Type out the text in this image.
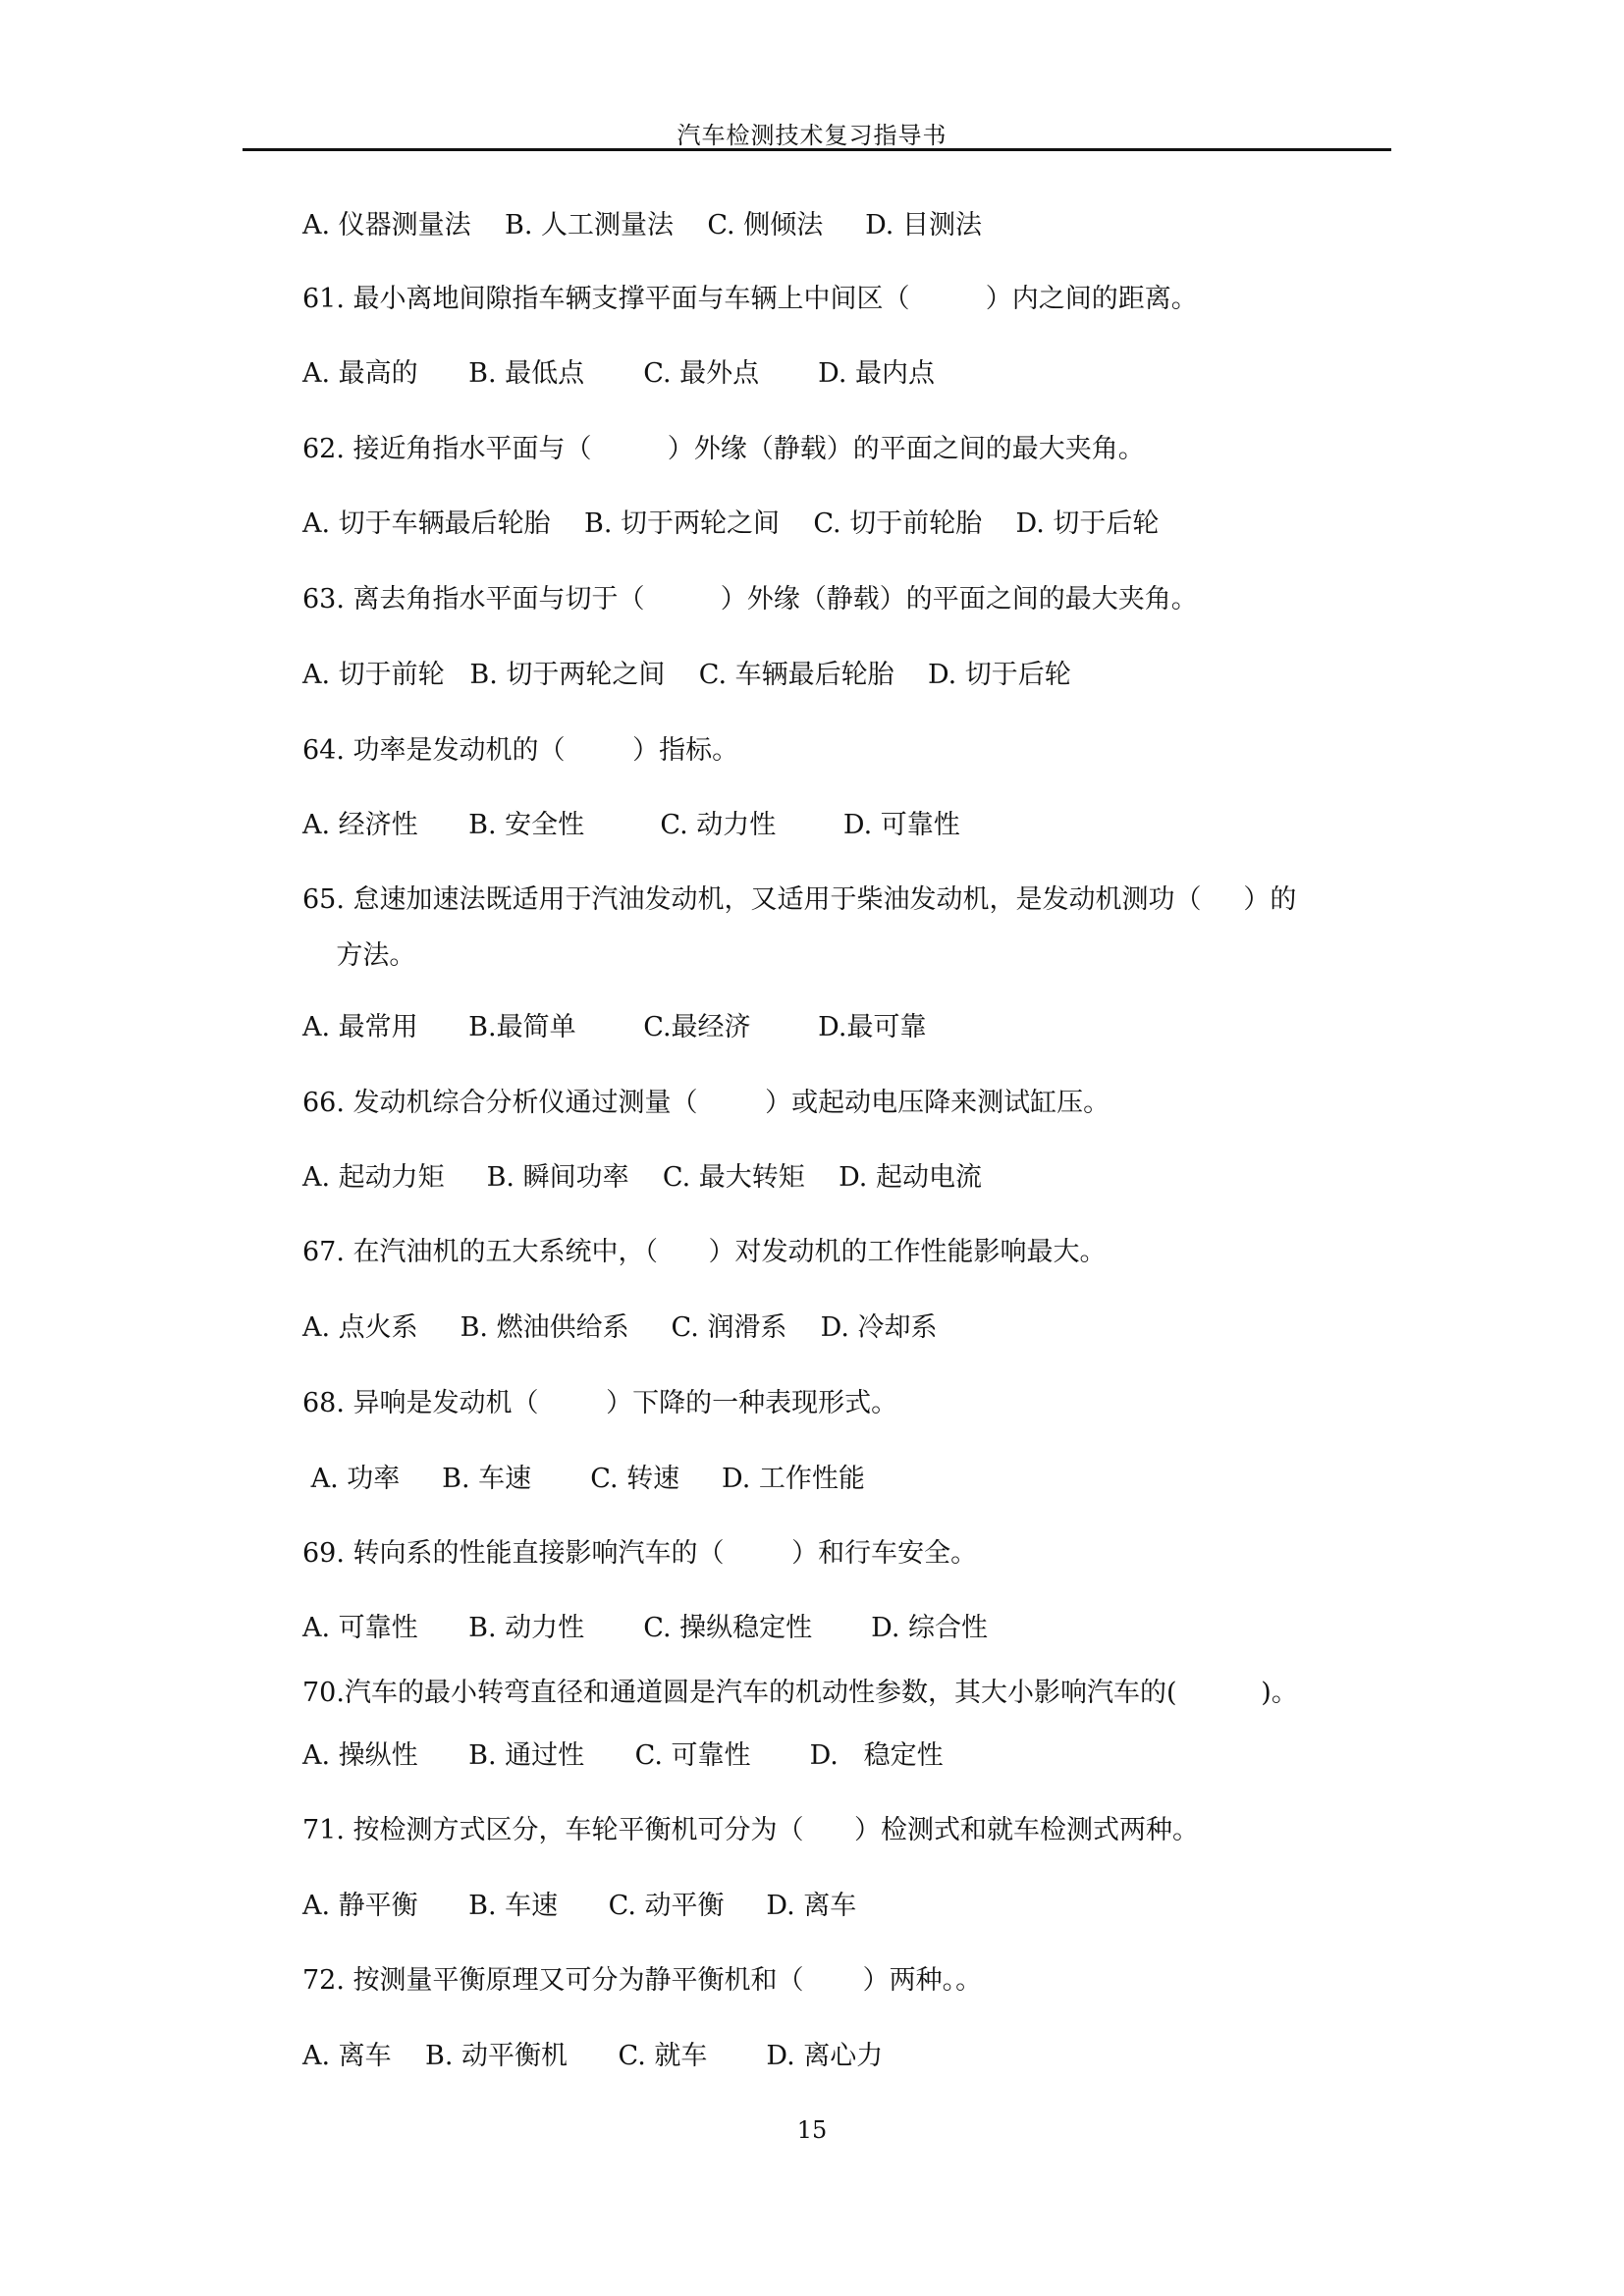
汽车检测技术复习指导书
A. 仪器测量法    B. 人工测量法    C. 侧倾法     D. 目测法
61. 最小离地间隙指车辆支撑平面与车辆上中间区（         ）内之间的距离。
A. 最高的      B. 最低点       C. 最外点       D. 最内点
62. 接近角指水平面与（         ）外缘（静载）的平面之间的最大夹角。
A. 切于车辆最后轮胎    B. 切于两轮之间    C. 切于前轮胎    D. 切于后轮
63. 离去角指水平面与切于（         ）外缘（静载）的平面之间的最大夹角。
A. 切于前轮   B. 切于两轮之间    C. 车辆最后轮胎    D. 切于后轮
64. 功率是发动机的（        ）指标。
A. 经济性      B. 安全性         C. 动力性        D. 可靠性
65. 怠速加速法既适用于汽油发动机，又适用于柴油发动机，是发动机测功（     ）的
方法。
A. 最常用      B.最简单        C.最经济        D.最可靠
66. 发动机综合分析仪通过测量（        ）或起动电压降来测试缸压。
A. 起动力矩     B. 瞬间功率    C. 最大转矩    D. 起动电流
67. 在汽油机的五大系统中，（      ）对发动机的工作性能影响最大。
A. 点火系     B. 燃油供给系     C. 润滑系    D. 冷却系
68. 异响是发动机（        ）下降的一种表现形式。
A. 功率     B. 车速       C. 转速     D. 工作性能
69. 转向系的性能直接影响汽车的（        ）和行车安全。
A. 可靠性      B. 动力性       C. 操纵稳定性       D. 综合性
70.汽车的最小转弯直径和通道圆是汽车的机动性参数，其大小影响汽车的(          )。
A. 操纵性      B. 通过性      C. 可靠性       D.   稳定性
71. 按检测方式区分，车轮平衡机可分为（      ）检测式和就车检测式两种。
A. 静平衡      B. 车速      C. 动平衡     D. 离车
72. 按测量平衡原理又可分为静平衡机和（       ）两种。。
A. 离车    B. 动平衡机      C. 就车       D. 离心力
15
